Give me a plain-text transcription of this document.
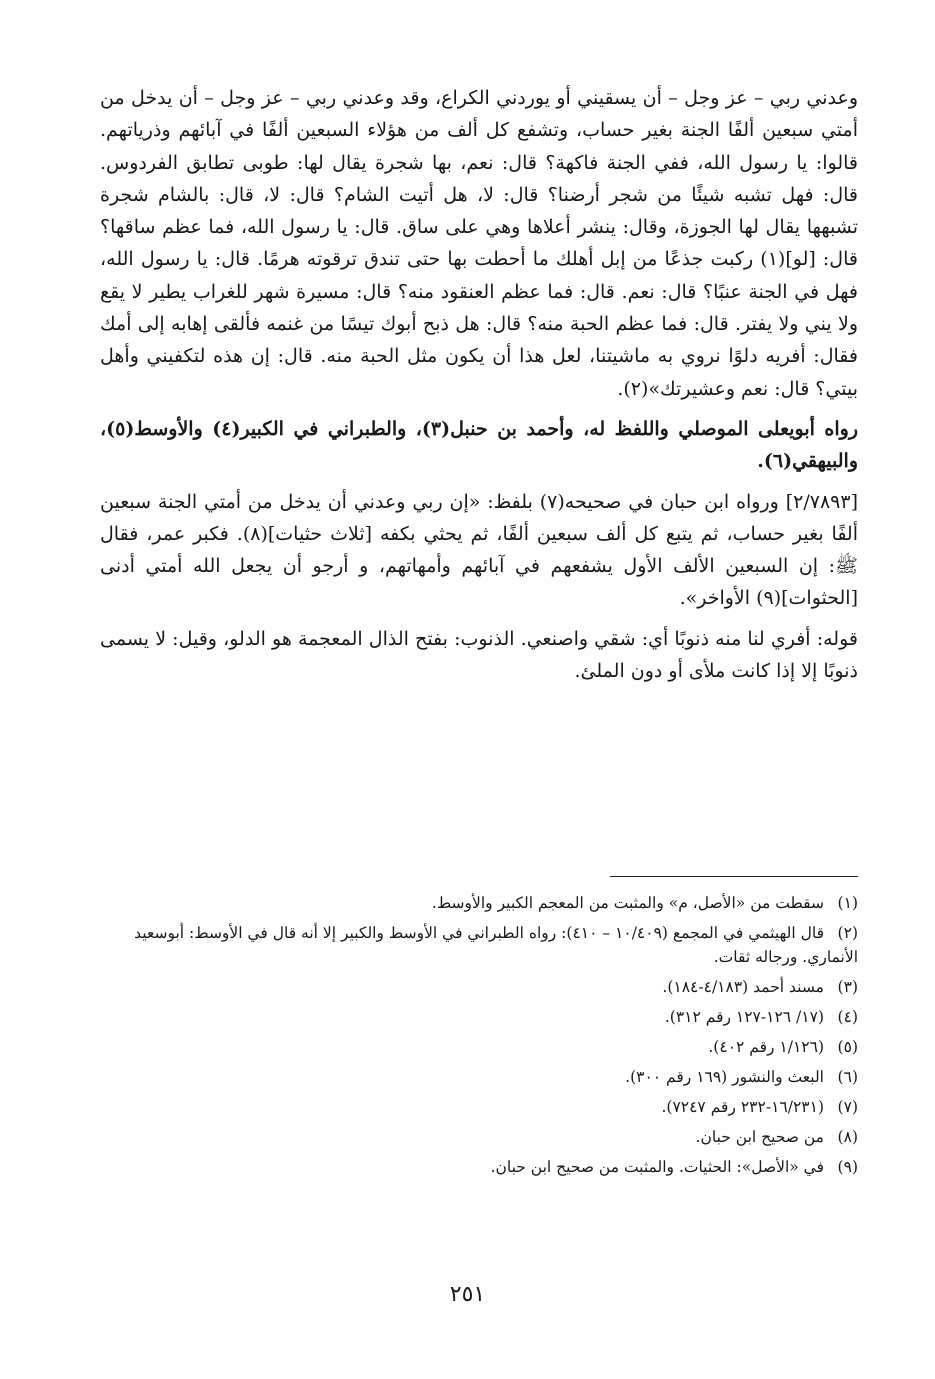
وعدني ربي – عز وجل – أن يسقيني أو يوردني الكراع، وقد وعدني ربي – عز وجل – أن يدخل من أمتي سبعين ألفًا الجنة بغير حساب، وتشفع كل ألف من هؤلاء السبعين ألفًا في آبائهم وذرياتهم. قالوا: يا رسول الله، ففي الجنة فاكهة؟ قال: نعم، بها شجرة يقال لها: طوبى تطابق الفردوس. قال: فهل تشبه شيئًا من شجر أرضنا؟ قال: لا، هل أتيت الشام؟ قال: لا، قال: بالشام شجرة تشبهها يقال لها الجوزة، وقال: ينشر أعلاها وهي على ساق. قال: يا رسول الله، فما عظم ساقها؟ قال: [لو](١) ركبت جذعًا من إبل أهلك ما أحطت بها حتى تندق ترقوته هرمًا. قال: يا رسول الله، فهل في الجنة عنبًا؟ قال: نعم. قال: فما عظم العنقود منه؟ قال: مسيرة شهر للغراب يطير لا يقع ولا يني ولا يفتر. قال: فما عظم الحبة منه؟ قال: هل ذبح أبوك تيسًا من غنمه فألقى إهابه إلى أمك فقال: أفريه دلوًا نروي به ماشيتنا، لعل هذا أن يكون مثل الحبة منه. قال: إن هذه لتكفيني وأهل بيتي؟ قال: نعم وعشيرتك»(٢).

رواه أبويعلى الموصلي واللفظ له، وأحمد بن حنبل(٣)، والطبراني في الكبير(٤) والأوسط(٥)، والبيهقي(٦).

[٢/٧٨٩٣] ورواه ابن حبان في صحيحه(٧) بلفظ: «إن ربي وعدني أن يدخل من أمتي الجنة سبعين ألفًا بغير حساب، ثم يتبع كل ألف سبعين ألفًا، ثم يحثي بكفه [ثلاث حثيات](٨). فكبر عمر، فقال ﷺ: إن السبعين الألف الأول يشفعهم في آبائهم وأمهاتهم، و أرجو أن يجعل الله أمتي أدنى [الحثوات](٩) الأواخر».

قوله: أفري لنا منه ذنوبًا أي: شقي واصنعي. الذنوب: بفتح الذال المعجمة هو الدلو، وقيل: لا يسمى ذنوبًا إلا إذا كانت ملأى أو دون الملئ.

(١)سقطت من «الأصل، م» والمثبت من المعجم الكبير والأوسط.

(٢)قال الهيثمي في المجمع (١٠/٤٠٩ – ٤١٠): رواه الطبراني في الأوسط والكبير إلا أنه قال في الأوسط: أبوسعيد الأنماري. ورجاله ثقات.

(٣)مسند أحمد (٤/١٨٣-١٨٤).

(٤)(١٧/ ١٢٦-١٢٧ رقم ٣١٢).

(٥)(١/١٢٦ رقم ٤٠٢).

(٦)البعث والنشور (١٦٩ رقم ٣٠٠).

(٧)(١٦/٢٣١-٢٣٢ رقم ٧٢٤٧).

(٨)من صحيح ابن حبان.

(٩)في «الأصل»: الحثيات. والمثبت من صحيح ابن حبان.

٢٥١
